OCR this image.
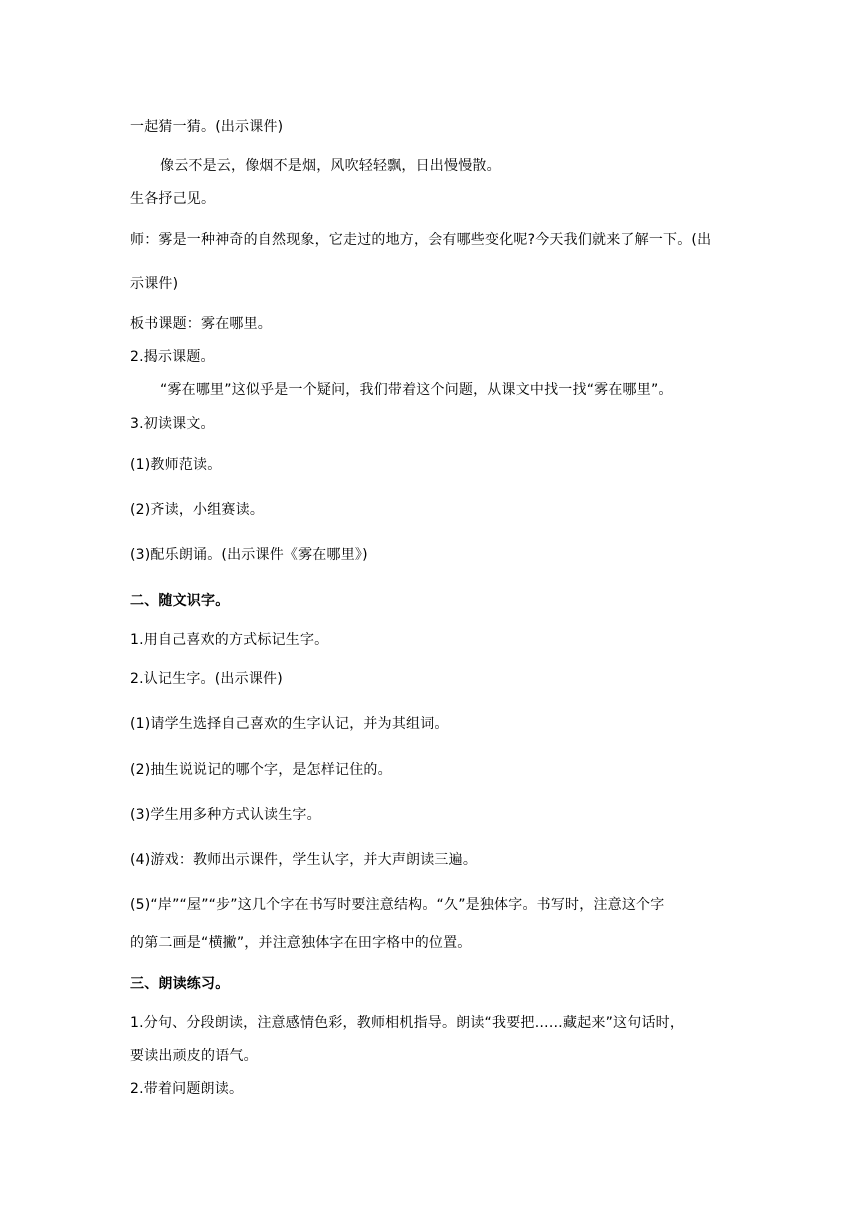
一起猜一猜。(出示课件)
像云不是云，像烟不是烟，风吹轻轻飘，日出慢慢散。
生各抒己见。
师：雾是一种神奇的自然现象，它走过的地方，会有哪些变化呢?今天我们就来了解一下。(出
示课件)
板书课题：雾在哪里。
2.揭示课题。
“雾在哪里”这似乎是一个疑问，我们带着这个问题，从课文中找一找“雾在哪里”。
3.初读课文。
(1)教师范读。
(2)齐读，小组赛读。
(3)配乐朗诵。(出示课件《雾在哪里》)
二、随文识字。
1.用自己喜欢的方式标记生字。
2.认记生字。(出示课件)
(1)请学生选择自己喜欢的生字认记，并为其组词。
(2)抽生说说记的哪个字，是怎样记住的。
(3)学生用多种方式认读生字。
(4)游戏：教师出示课件，学生认字，并大声朗读三遍。
(5)“岸”“屋”“步”这几个字在书写时要注意结构。“久”是独体字。书写时，注意这个字
的第二画是“横撇”，并注意独体字在田字格中的位置。
三、朗读练习。
1.分句、分段朗读，注意感情色彩，教师相机指导。朗读“我要把……藏起来”这句话时，
要读出顽皮的语气。
2.带着问题朗读。
